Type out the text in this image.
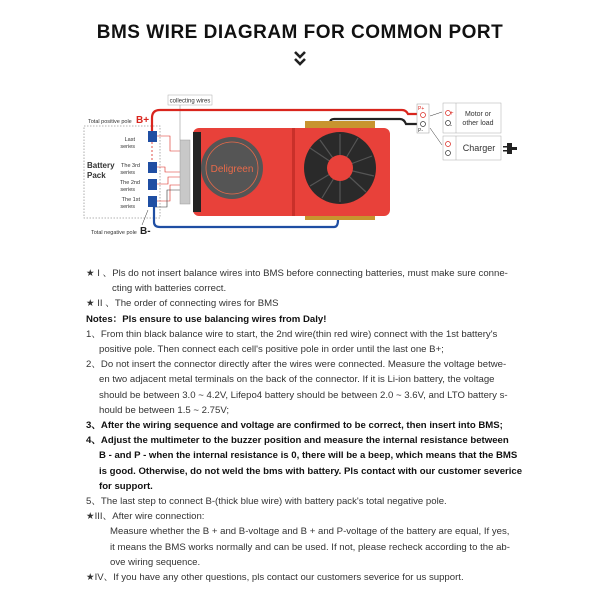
BMS WIRE DIAGRAM FOR COMMON PORT
Deligreen
collecting wires
Total positive pole B+
Total negative pole B-
Battery
Pack
Last
series
The 3rd
series
The 2nd
series
The 1st
series
P+
P-
+
-
Motor or
other load
Charger
★ I 、Pls do not insert balance wires into BMS before connecting batteries, must make sure conne-
cting with batteries correct.
★ II 、The order of connecting wires for BMS
Notes：Pls ensure to use balancing wires from Daly!
1、From thin black balance wire to start, the 2nd wire(thin red wire) connect with the 1st battery's
positive pole. Then connect each cell's positive pole in order until the last one B+;
2、Do not insert the connector directly after the wires were connected. Measure the voltage betwe-
en two adjacent metal terminals on the back of the connector. If it is Li-ion battery, the voltage
should be between 3.0 ~ 4.2V, Lifepo4 battery should be between 2.0 ~ 3.6V, and LTO battery s-
hould be between 1.5 ~ 2.75V;
3、After the wiring sequence and voltage are confirmed to be correct, then insert into BMS;
4、Adjust the multimeter to the buzzer position and measure the internal resistance between
B - and P - when the internal resistance is 0, there will be a beep, which means that the BMS
is good. Otherwise, do not weld the bms with battery. Pls contact with our customer severice
for support.
5、The last step to connect B-(thick blue wire) with battery pack's total negative pole.
★III、After wire connection:
Measure whether the B + and B-voltage and B + and P-voltage of the battery are equal, If yes,
it means the BMS works normally and can be used. If not, please recheck according to the ab-
ove wiring sequence.
★IV、If you have any other questions, pls contact our customers severice for us support.
